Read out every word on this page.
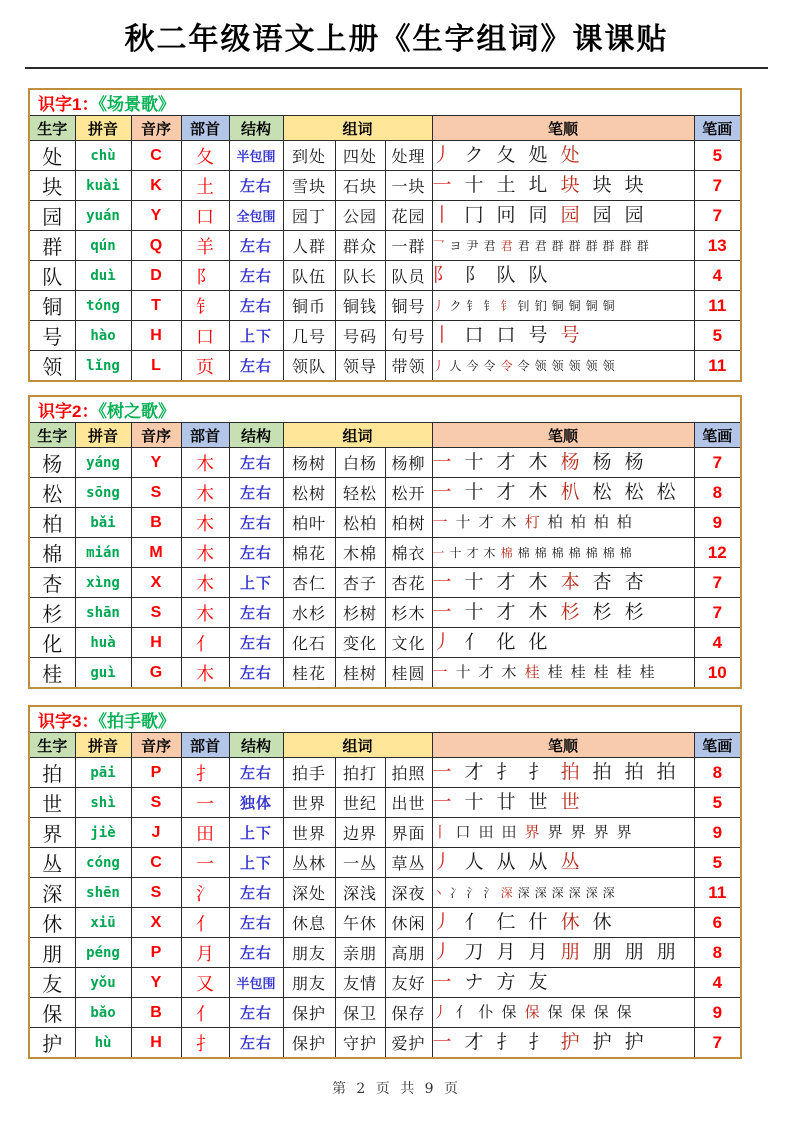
秋二年级语文上册《生字组词》课课贴
识字1：《场景歌》									
生字	拼音	音序	部首	结构	组词			笔顺	笔画
处	chù	C	夂	半包围	到处	四处	处理	丿 ク 夂 処 处	5
块	kuài	K	土	左右	雪块	石块	一块	一 十 土 圠 块 块 块	7
园	yuán	Y	口	全包围	园丁	公园	花园	丨 冂 冋 同 园 园 园	7
群	qún	Q	羊	左右	人群	群众	一群	乛 ヨ 尹 君 君 君 君 群 群 群 群 群 群	13
队	duì	D	阝	左右	队伍	队长	队员	阝 阝 队 队	4
铜	tóng	T	钅	左右	铜币	铜钱	铜号	丿 ク 钅 钅 钅 钊 钔 铜 铜 铜 铜	11
号	hào	H	口	上下	几号	号码	句号	丨 口 口 号 号	5
领	lǐng	L	页	左右	领队	领导	带领	丿 人 今 令 令 令 领 领 领 领 领	11
识字2：《树之歌》									
生字	拼音	音序	部首	结构	组词			笔顺	笔画
杨	yáng	Y	木	左右	杨树	白杨	杨柳	一 十 才 木 杨 杨 杨	7
松	sōng	S	木	左右	松树	轻松	松开	一 十 才 木 朳 松 松 松	8
柏	bǎi	B	木	左右	柏叶	松柏	柏树	一 十 才 木 朾 柏 柏 柏 柏	9
棉	mián	M	木	左右	棉花	木棉	棉衣	一 十 才 木 棉 棉 棉 棉 棉 棉 棉 棉	12
杏	xìng	X	木	上下	杏仁	杏子	杏花	一 十 才 木 本 杏 杏	7
杉	shān	S	木	左右	水杉	杉树	杉木	一 十 才 木 杉 杉 杉	7
化	huà	H	亻	左右	化石	变化	文化	丿 亻 化 化	4
桂	guì	G	木	左右	桂花	桂树	桂圆	一 十 才 木 桂 桂 桂 桂 桂 桂	10
识字3：《拍手歌》									
生字	拼音	音序	部首	结构	组词			笔顺	笔画
拍	pāi	P	扌	左右	拍手	拍打	拍照	一 才 扌 扌 拍 拍 拍 拍	8
世	shì	S	一	独体	世界	世纪	出世	一 十 廿 世 世	5
界	jiè	J	田	上下	世界	边界	界面	丨 口 田 田 界 界 界 界 界	9
丛	cóng	C	一	上下	丛林	一丛	草丛	丿 人 从 从 丛	5
深	shēn	S	氵	左右	深处	深浅	深夜	丶 冫 氵 氵 深 深 深 深 深 深 深	11
休	xiū	X	亻	左右	休息	午休	休闲	丿 亻 仁 什 休 休	6
朋	péng	P	月	左右	朋友	亲朋	高朋	丿 刀 月 月 朋 朋 朋 朋	8
友	yǒu	Y	又	半包围	朋友	友情	友好	一 ナ 方 友	4
保	bǎo	B	亻	左右	保护	保卫	保存	丿 亻 仆 保 保 保 保 保 保	9
护	hù	H	扌	左右	保护	守护	爱护	一 才 扌 扌 护 护 护	7
第 2 页 共 9 页
